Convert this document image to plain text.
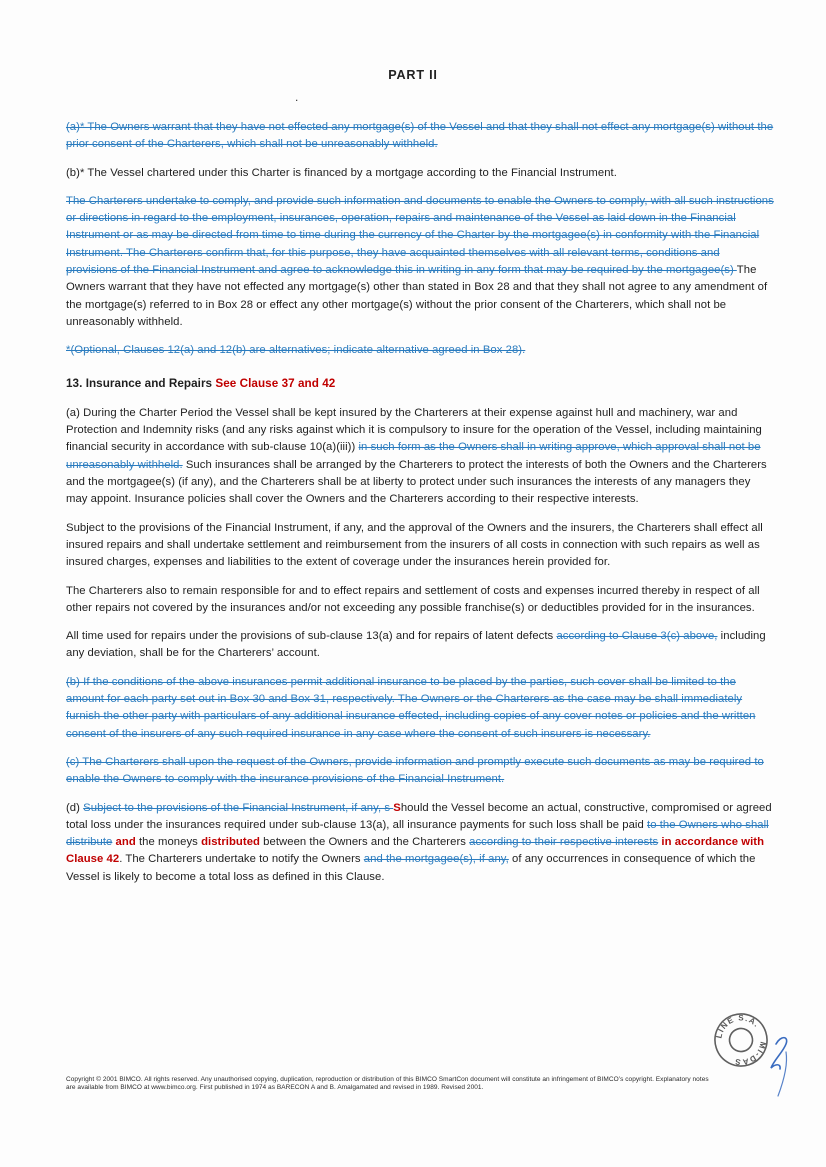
PART II
.

(a)* The Owners warrant that they have not effected any mortgage(s) of the Vessel and that they shall not effect any mortgage(s) without the prior consent of the Charterers, which shall not be unreasonably withheld.

(b)* The Vessel chartered under this Charter is financed by a mortgage according to the Financial Instrument.

The Charterers undertake to comply, and provide such information and documents to enable the Owners to comply, with all such instructions or directions in regard to the employment, insurances, operation, repairs and maintenance of the Vessel as laid down in the Financial Instrument or as may be directed from time to time during the currency of the Charter by the mortgagee(s) in conformity with the Financial Instrument. The Charterers confirm that, for this purpose, they have acquainted themselves with all relevant terms, conditions and provisions of the Financial Instrument and agree to acknowledge this in writing in any form that may be required by the mortgagee(s) The Owners warrant that they have not effected any mortgage(s) other than stated in Box 28 and that they shall not agree to any amendment of the mortgage(s) referred to in Box 28 or effect any other mortgage(s) without the prior consent of the Charterers, which shall not be unreasonably withheld.

*(Optional, Clauses 12(a) and 12(b) are alternatives; indicate alternative agreed in Box 28).

13. Insurance and Repairs See Clause 37 and 42

(a) During the Charter Period the Vessel shall be kept insured by the Charterers at their expense against hull and machinery, war and Protection and Indemnity risks (and any risks against which it is compulsory to insure for the operation of the Vessel, including maintaining financial security in accordance with sub-clause 10(a)(iii)) in such form as the Owners shall in writing approve, which approval shall not be unreasonably withheld. Such insurances shall be arranged by the Charterers to protect the interests of both the Owners and the Charterers and the mortgagee(s) (if any), and the Charterers shall be at liberty to protect under such insurances the interests of any managers they may appoint. Insurance policies shall cover the Owners and the Charterers according to their respective interests.

Subject to the provisions of the Financial Instrument, if any, and the approval of the Owners and the insurers, the Charterers shall effect all insured repairs and shall undertake settlement and reimbursement from the insurers of all costs in connection with such repairs as well as insured charges, expenses and liabilities to the extent of coverage under the insurances herein provided for.

The Charterers also to remain responsible for and to effect repairs and settlement of costs and expenses incurred thereby in respect of all other repairs not covered by the insurances and/or not exceeding any possible franchise(s) or deductibles provided for in the insurances.

All time used for repairs under the provisions of sub-clause 13(a) and for repairs of latent defects according to Clause 3(c) above, including any deviation, shall be for the Charterers’ account.

(b) If the conditions of the above insurances permit additional insurance to be placed by the parties, such cover shall be limited to the amount for each party set out in Box 30 and Box 31, respectively. The Owners or the Charterers as the case may be shall immediately furnish the other party with particulars of any additional insurance effected, including copies of any cover notes or policies and the written consent of the insurers of any such required insurance in any case where the consent of such insurers is necessary.

(c) The Charterers shall upon the request of the Owners, provide information and promptly execute such documents as may be required to enable the Owners to comply with the insurance provisions of the Financial Instrument.

(d) Subject to the provisions of the Financial Instrument, if any, s Should the Vessel become an actual, constructive, compromised or agreed total loss under the insurances required under sub-clause 13(a), all insurance payments for such loss shall be paid to the Owners who shall distribute and the moneys distributed between the Owners and the Charterers according to their respective interests in accordance with Clause 42. The Charterers undertake to notify the Owners and the mortgagee(s), if any, of any occurrences in consequence of which the Vessel is likely to become a total loss as defined in this Clause.

LINE S.A.
MI-DAS
Copyright © 2001 BIMCO. All rights reserved. Any unauthorised copying, duplication, reproduction or distribution of this BIMCO SmartCon document will constitute an infringement of BIMCO’s copyright. Explanatory notes
are available from BIMCO at www.bimco.org. First published in 1974 as BARECON A and B. Amalgamated and revised in 1989. Revised 2001.
